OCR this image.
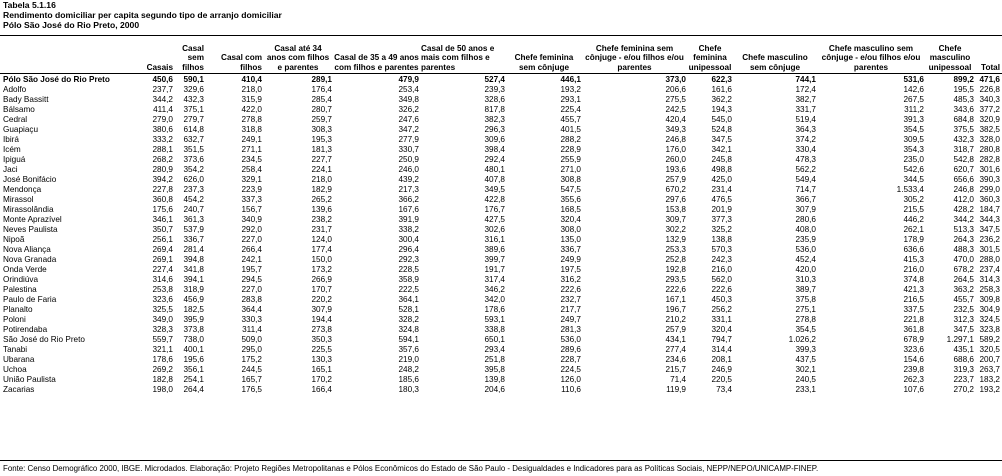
Tabela 5.1.16
Rendimento domiciliar per capita segundo tipo de arranjo domiciliar
Pólo São José do Rio Preto, 2000
	Casais	Casal sem filhos	Casal com filhos	Casal até 34 anos com filhos e parentes	Casal de 35 a 49 anos com filhos e parentes	Casal de 50 anos e mais com filhos e parentes	Chefe feminina sem cônjuge	Chefe feminina sem cônjuge - e/ou filhos e/ou parentes	Chefe feminina unipessoal	Chefe masculino sem cônjuge	Chefe masculino sem cônjuge - e/ou filhos e/ou parentes	Chefe masculino unipessoal	Total

Pólo São José do Rio Preto	450,6	590,1	410,4	289,1	479,9	527,4	446,1	373,0	622,3	744,1	531,6	899,2	471,6
Adolfo	237,7	329,6	218,0	176,4	253,4	239,3	193,2	206,6	161,6	172,4	142,6	195,5	226,8
Bady Bassitt	344,2	432,3	315,9	285,4	349,8	328,6	293,1	275,5	362,2	382,7	267,5	485,3	340,3
Bálsamo	411,4	375,1	422,0	280,7	326,2	817,8	225,4	242,5	194,3	331,7	311,2	343,6	377,2
Cedral	279,0	279,7	278,8	259,7	247,6	382,3	455,7	420,4	545,0	519,4	391,3	684,8	320,9
Guapiaçu	380,6	614,8	318,8	308,3	347,2	296,3	401,5	349,3	524,8	364,3	354,5	375,5	382,5
Ibirá	333,2	632,7	249,1	195,3	277,9	309,6	288,2	246,8	347,5	374,2	309,5	432,3	328,0
Icém	288,1	351,5	271,1	181,3	330,7	398,4	228,9	176,0	342,1	330,4	354,3	318,7	280,8
Ipiguá	268,2	373,6	234,5	227,7	250,9	292,4	255,9	260,0	245,8	478,3	235,0	542,8	282,8
Jaci	280,9	354,2	258,4	224,1	246,0	480,1	271,0	193,6	498,8	562,2	542,6	620,7	301,6
José Bonifácio	394,2	626,0	329,1	218,0	439,2	407,8	308,8	257,9	425,0	549,4	344,5	656,6	390,3
Mendonça	227,8	237,3	223,9	182,9	217,3	349,5	547,5	670,2	231,4	714,7	1.533,4	246,8	299,0
Mirassol	360,8	454,2	337,3	265,2	366,2	422,8	355,6	297,6	476,5	366,7	305,2	412,0	360,3
Mirassolândia	175,6	240,7	156,7	139,6	167,6	176,7	168,5	153,8	201,9	307,9	215,5	428,2	184,7
Monte Aprazível	346,1	361,3	340,9	238,2	391,9	427,5	320,4	309,7	377,3	280,6	446,2	344,2	344,3
Neves Paulista	350,7	537,9	292,0	231,7	338,2	302,6	308,0	302,2	325,2	408,0	262,1	513,3	347,5
Nipoã	256,1	336,7	227,0	124,0	300,4	316,1	135,0	132,9	138,8	235,9	178,9	264,3	236,2
Nova Aliança	269,4	281,4	266,4	177,4	296,4	389,6	336,7	253,3	570,3	536,0	636,6	488,3	301,5
Nova Granada	269,1	394,8	242,1	150,0	292,3	399,7	249,9	252,8	242,3	452,4	415,3	470,0	288,0
Onda Verde	227,4	341,8	195,7	173,2	228,5	191,7	197,5	192,8	216,0	420,0	216,0	678,2	237,4
Orindiúva	314,6	394,1	294,5	266,9	358,9	317,4	316,2	293,5	562,0	310,3	374,8	264,5	314,3
Palestina	253,8	318,9	227,0	170,7	222,5	346,2	222,6	222,6	222,6	389,7	421,3	363,2	258,3
Paulo de Faria	323,6	456,9	283,8	220,2	364,1	342,0	232,7	167,1	450,3	375,8	216,5	455,7	309,8
Planalto	325,5	182,5	364,4	307,9	528,1	178,6	217,7	196,7	256,2	275,1	337,5	232,5	304,9
Poloni	349,0	395,9	330,3	194,4	328,2	593,1	249,7	210,2	331,1	278,8	221,8	312,3	324,5
Potirendaba	328,3	373,8	311,4	273,8	324,8	338,8	281,3	257,9	320,4	354,5	361,8	347,5	323,8
São José do Rio Preto	559,7	738,0	509,0	350,3	594,1	650,1	536,0	434,1	794,7	1.026,2	678,9	1.297,1	589,2
Tanabi	321,1	400,1	295,0	225,5	357,6	293,4	289,6	277,4	314,4	399,3	323,6	435,1	320,5
Ubarana	178,6	195,6	175,2	130,3	219,0	251,8	228,7	234,6	208,1	437,5	154,6	688,6	200,7
Uchoa	269,2	356,1	244,5	165,1	248,2	395,8	224,5	215,7	246,9	302,1	239,8	319,3	263,7
União Paulista	182,8	254,1	165,7	170,2	185,6	139,8	126,0	71,4	220,5	240,5	262,3	223,7	183,2
Zacarias	198,0	264,4	176,5	166,4	180,3	204,6	110,6	119,9	73,4	233,1	107,6	270,2	193,2
Fonte: Censo Demográfico 2000, IBGE. Microdados. Elaboração: Projeto Regiões Metropolitanas e Pólos Econômicos do Estado de São Paulo - Desigualdades e Indicadores para as Políticas Sociais, NEPP/NEPO/UNICAMP-FINEP.
